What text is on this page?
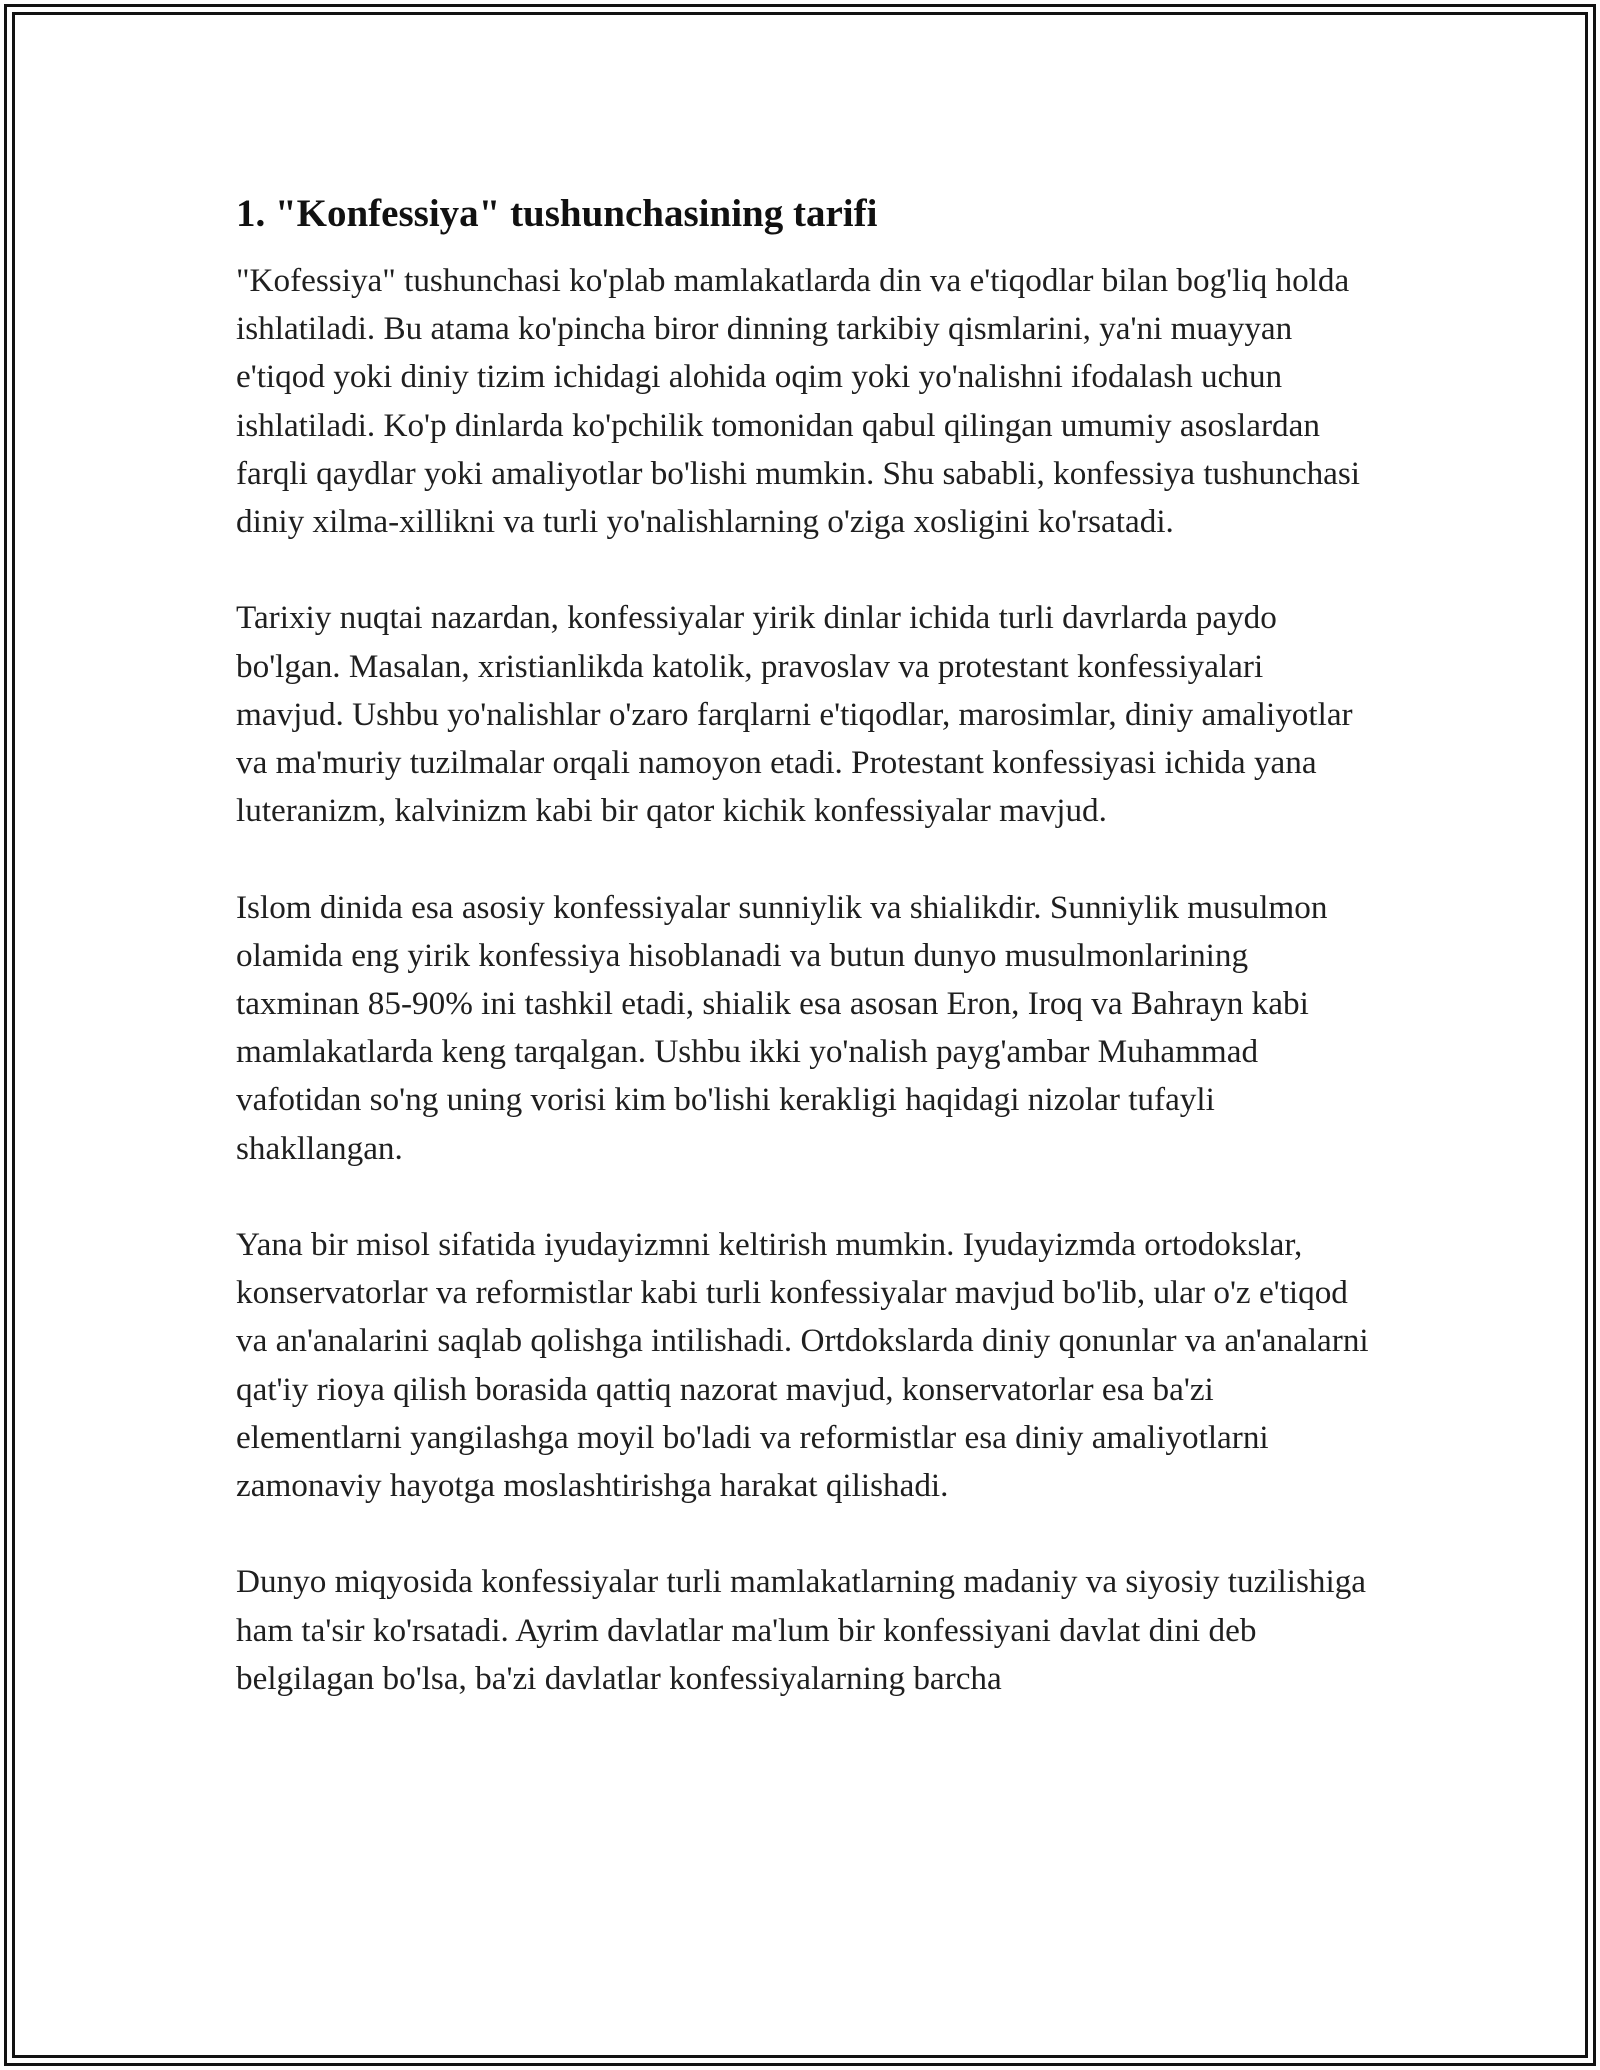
1. "Konfessiya" tushunchasining tarifi

"Kofessiya" tushunchasi ko'plab mamlakatlarda din va e'tiqodlar bilan bog'liq holda ishlatiladi. Bu atama ko'pincha biror dinning tarkibiy qismlarini, ya'ni muayyan e'tiqod yoki diniy tizim ichidagi alohida oqim yoki yo'nalishni ifodalash uchun ishlatiladi. Ko'p dinlarda ko'pchilik tomonidan qabul qilingan umumiy asoslardan farqli qaydlar yoki amaliyotlar bo'lishi mumkin. Shu sababli, konfessiya tushunchasi diniy xilma-xillikni va turli yo'nalishlarning o'ziga xosligini ko'rsatadi.

Tarixiy nuqtai nazardan, konfessiyalar yirik dinlar ichida turli davrlarda paydo bo'lgan. Masalan, xristianlikda katolik, pravoslav va protestant konfessiyalari mavjud. Ushbu yo'nalishlar o'zaro farqlarni e'tiqodlar, marosimlar, diniy amaliyotlar va ma'muriy tuzilmalar orqali namoyon etadi. Protestant konfessiyasi ichida yana luteranizm, kalvinizm kabi bir qator kichik konfessiyalar mavjud.

Islom dinida esa asosiy konfessiyalar sunniylik va shialikdir. Sunniylik musulmon olamida eng yirik konfessiya hisoblanadi va butun dunyo musulmonlarining taxminan 85-90% ini tashkil etadi, shialik esa asosan Eron, Iroq va Bahrayn kabi mamlakatlarda keng tarqalgan. Ushbu ikki yo'nalish payg'ambar Muhammad vafotidan so'ng uning vorisi kim bo'lishi kerakligi haqidagi nizolar tufayli shakllangan.

Yana bir misol sifatida iyudayizmni keltirish mumkin. Iyudayizmda ortodokslar, konservatorlar va reformistlar kabi turli konfessiyalar mavjud bo'lib, ular o'z e'tiqod va an'analarini saqlab qolishga intilishadi. Ortdokslarda diniy qonunlar va an'analarni qat'iy rioya qilish borasida qattiq nazorat mavjud, konservatorlar esa ba'zi elementlarni yangilashga moyil bo'ladi va reformistlar esa diniy amaliyotlarni zamonaviy hayotga moslashtirishga harakat qilishadi.

Dunyo miqyosida konfessiyalar turli mamlakatlarning madaniy va siyosiy tuzilishiga ham ta'sir ko'rsatadi. Ayrim davlatlar ma'lum bir konfessiyani davlat dini deb belgilagan bo'lsa, ba'zi davlatlar konfessiyalarning barcha
